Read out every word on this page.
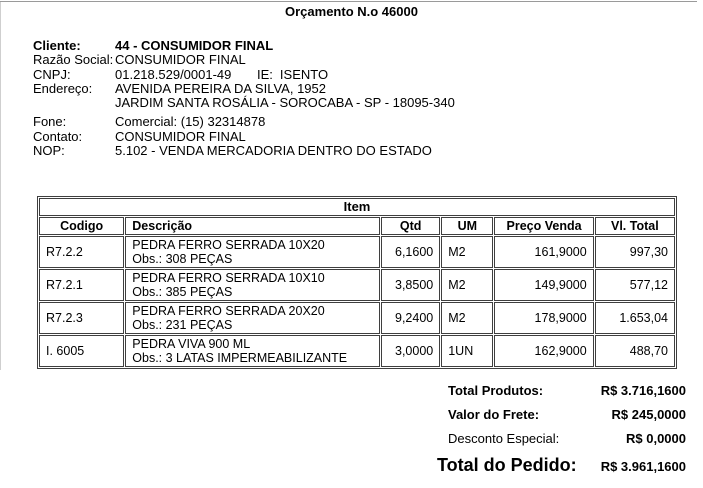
Orçamento N.o 46000
Cliente:	44 - CONSUMIDOR FINAL
Razão Social: CONSUMIDOR FINAL
CNPJ:	01.218.529/0001-49	IE: ISENTO
Endereço:	AVENIDA PEREIRA DA SILVA, 1952
JARDIM SANTA ROSÁLIA - SOROCABA - SP - 18095-340
Fone:	Comercial: (15) 32314878
Contato:	CONSUMIDOR FINAL
NOP:	5.102 - VENDA MERCADORIA DENTRO DO ESTADO
Item					
Codigo	Descrição	Qtd	UM	Preço Venda	Vl. Total
R7.2.2	PEDRA FERRO SERRADA 10X20
Obs.: 308 PEÇAS	6,1600	M2	161,9000	997,30
R7.2.1	PEDRA FERRO SERRADA 10X10
Obs.: 385 PEÇAS	3,8500	M2	149,9000	577,12
R7.2.3	PEDRA FERRO SERRADA 20X20
Obs.: 231 PEÇAS	9,2400	M2	178,9000	1.653,04
I. 6005	PEDRA VIVA 900 ML
Obs.: 3 LATAS IMPERMEABILIZANTE	3,0000	1UN	162,9000	488,70
Total Produtos:	R$ 3.716,1600
Valor do Frete:	R$ 245,0000
Desconto Especial:	R$ 0,0000
Total do Pedido: R$ 3.961,1600
